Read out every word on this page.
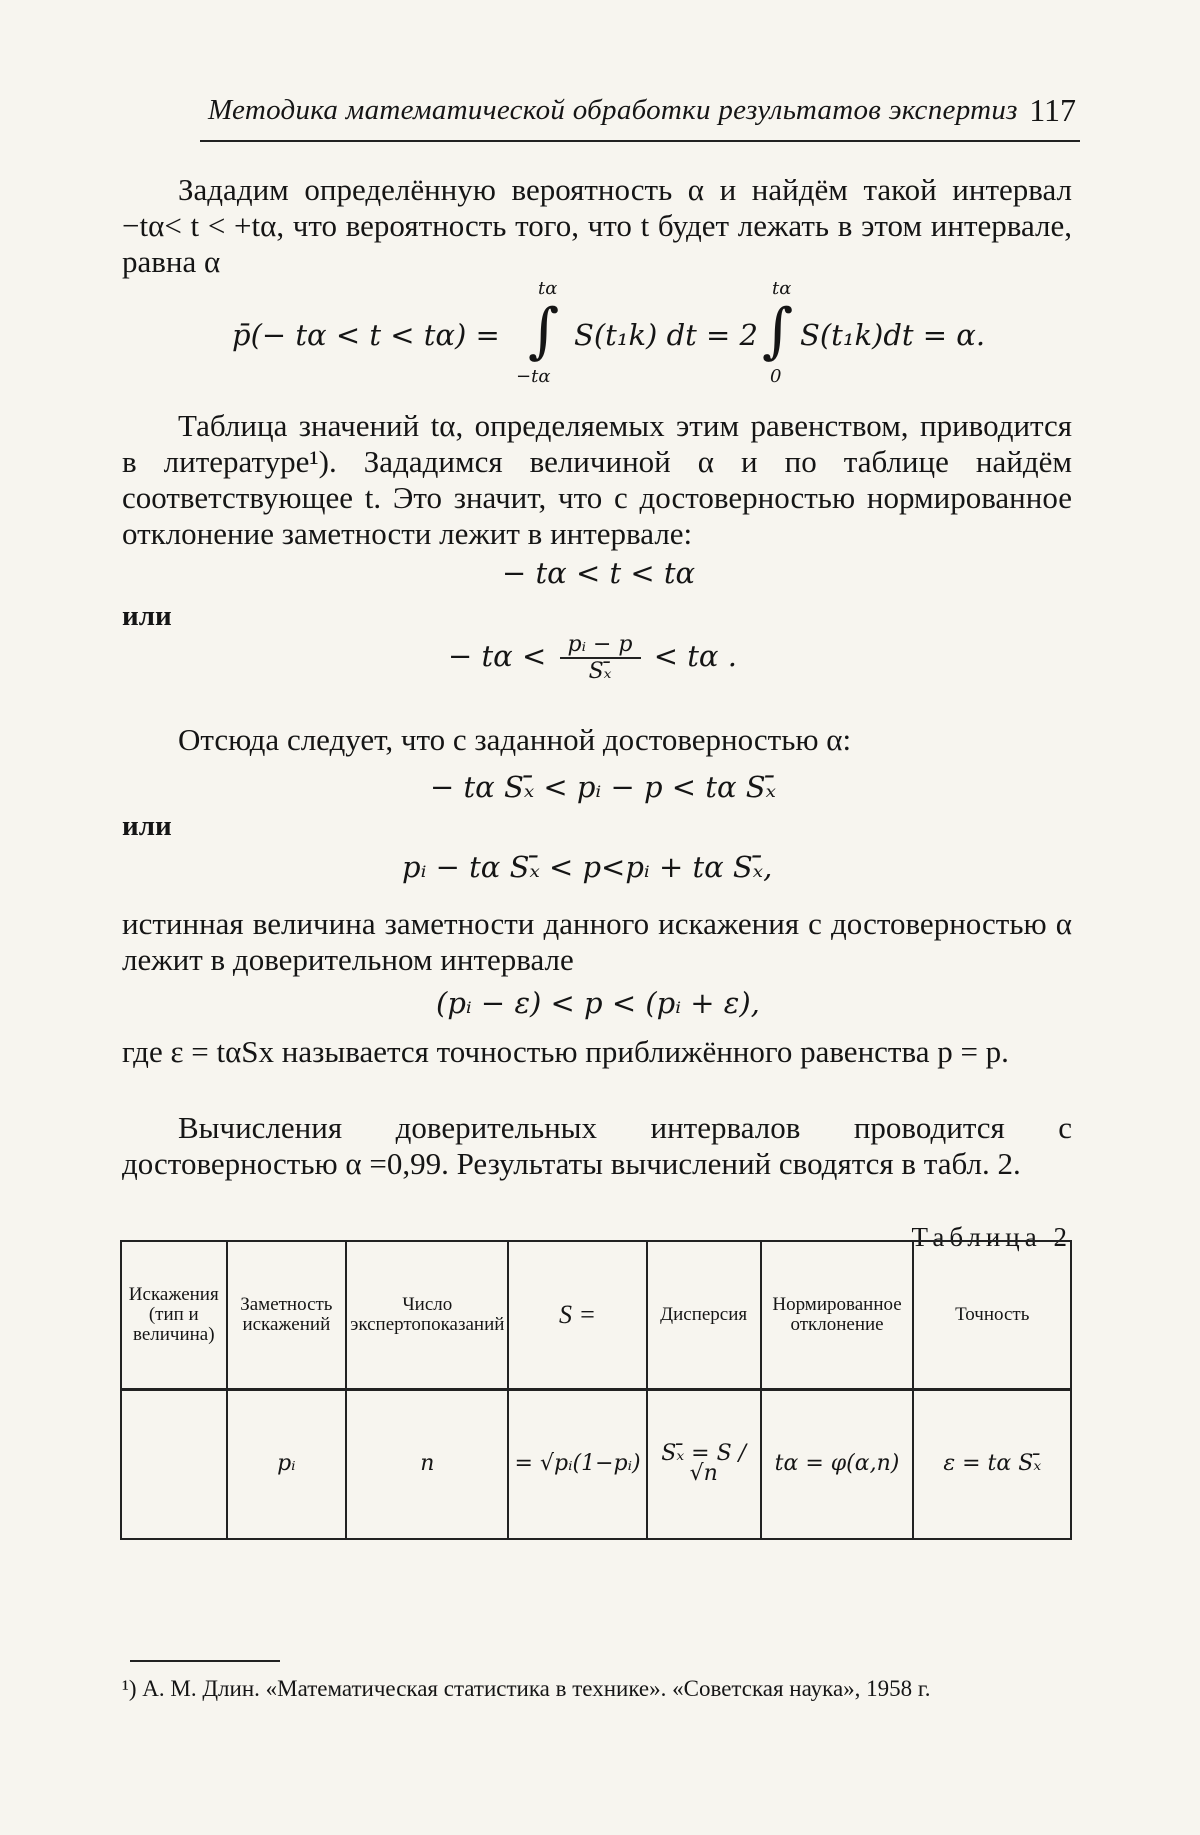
Методика математической обработки результатов экспертиз 117
Зададим определённую вероятность α и найдём такой интервал −tα< t < +tα, что вероятность того, что t будет лежать в этом интервале, равна α
p̄(− tα < t < tα) =
tα
∫
−tα
S(t₁k) dt = 2
tα
∫
0
S(t₁k)dt = α.
Таблица значений tα, определяемых этим равенством, приводится в литературе¹). Зададимся величиной α и по таблице найдём соответствующее t. Это значит, что с достоверностью нормированное отклонение заметности лежит в интервале:
− tα < t < tα
или
− $t\alpha < \frac{\text{pᵢ − p}}{\text{Sₓ̄}} < t\alpha$ .
Отсюда следует, что с заданной достоверностью α:
− tα Sₓ̄ < pᵢ − p < tα Sₓ̄
или
pᵢ − tα Sₓ̄ < p<pᵢ + tα Sₓ̄,
истинная величина заметности данного искажения с достоверностью α лежит в доверительном интервале
(pᵢ − ε) < p < (pᵢ + ε),
где ε = tαSx называется точностью приближённого равенства p = p.
Вычисления доверительных интервалов проводится с достоверностью α =0,99. Результаты вычислений сводятся в табл. 2.
Таблица 2
Искажения (тип и величина)	Заметность искажений	Число экспертопоказаний	S =	Дисперсия	Нормированное отклонение	Точность
	pᵢ	n	= √pᵢ(1−pᵢ)	Sₓ̄ = S / √n	tα = φ(α,n)	ε = tα Sₓ̄
¹) А. М. Длин. «Математическая статистика в технике». «Советская наука», 1958 г.
